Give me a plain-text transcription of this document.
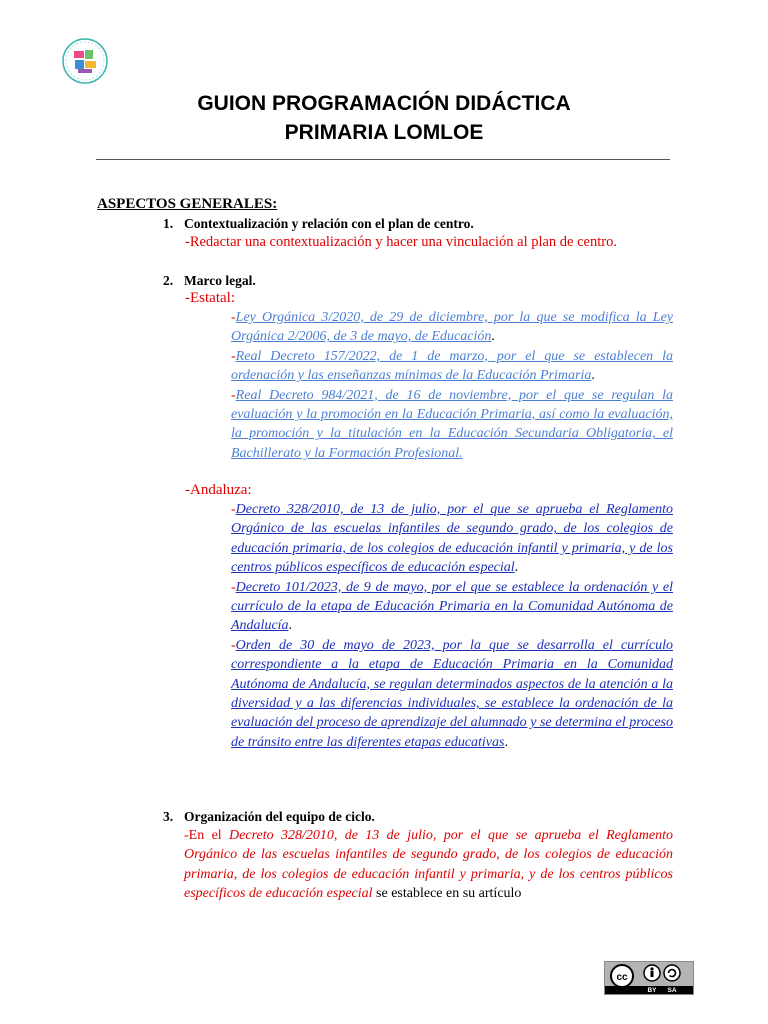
GUION PROGRAMACIÓN DIDÁCTICA
PRIMARIA LOMLOE
ASPECTOS GENERALES:
1. Contextualización y relación con el plan de centro.
-Redactar una contextualización y hacer una vinculación al plan de centro.
2. Marco legal.
-Estatal:
-Ley Orgánica 3/2020, de 29 de diciembre, por la que se modifica la Ley Orgánica 2/2006, de 3 de mayo, de Educación.
-Real Decreto 157/2022, de 1 de marzo, por el que se establecen la ordenación y las enseñanzas mínimas de la Educación Primaria.
-Real Decreto 984/2021, de 16 de noviembre, por el que se regulan la evaluación y la promoción en la Educación Primaria, así como la evaluación, la promoción y la titulación en la Educación Secundaria Obligatoria, el Bachillerato y la Formación Profesional.
-Andaluza:
-Decreto 328/2010, de 13 de julio, por el que se aprueba el Reglamento Orgánico de las escuelas infantiles de segundo grado, de los colegios de educación primaria, de los colegios de educación infantil y primaria, y de los centros públicos específicos de educación especial.
-Decreto 101/2023, de 9 de mayo, por el que se establece la ordenación y el currículo de la etapa de Educación Primaria en la Comunidad Autónoma de Andalucía.
-Orden de 30 de mayo de 2023, por la que se desarrolla el currículo correspondiente a la etapa de Educación Primaria en la Comunidad Autónoma de Andalucía, se regulan determinados aspectos de la atención a la diversidad y a las diferencias individuales, se establece la ordenación de la evaluación del proceso de aprendizaje del alumnado y se determina el proceso de tránsito entre las diferentes etapas educativas.
3. Organización del equipo de ciclo.
-En el Decreto 328/2010, de 13 de julio, por el que se aprueba el Reglamento Orgánico de las escuelas infantiles de segundo grado, de los colegios de educación primaria, de los colegios de educación infantil y primaria, y de los centros públicos específicos de educación especial se establece en su artículo
cc
BY SA
